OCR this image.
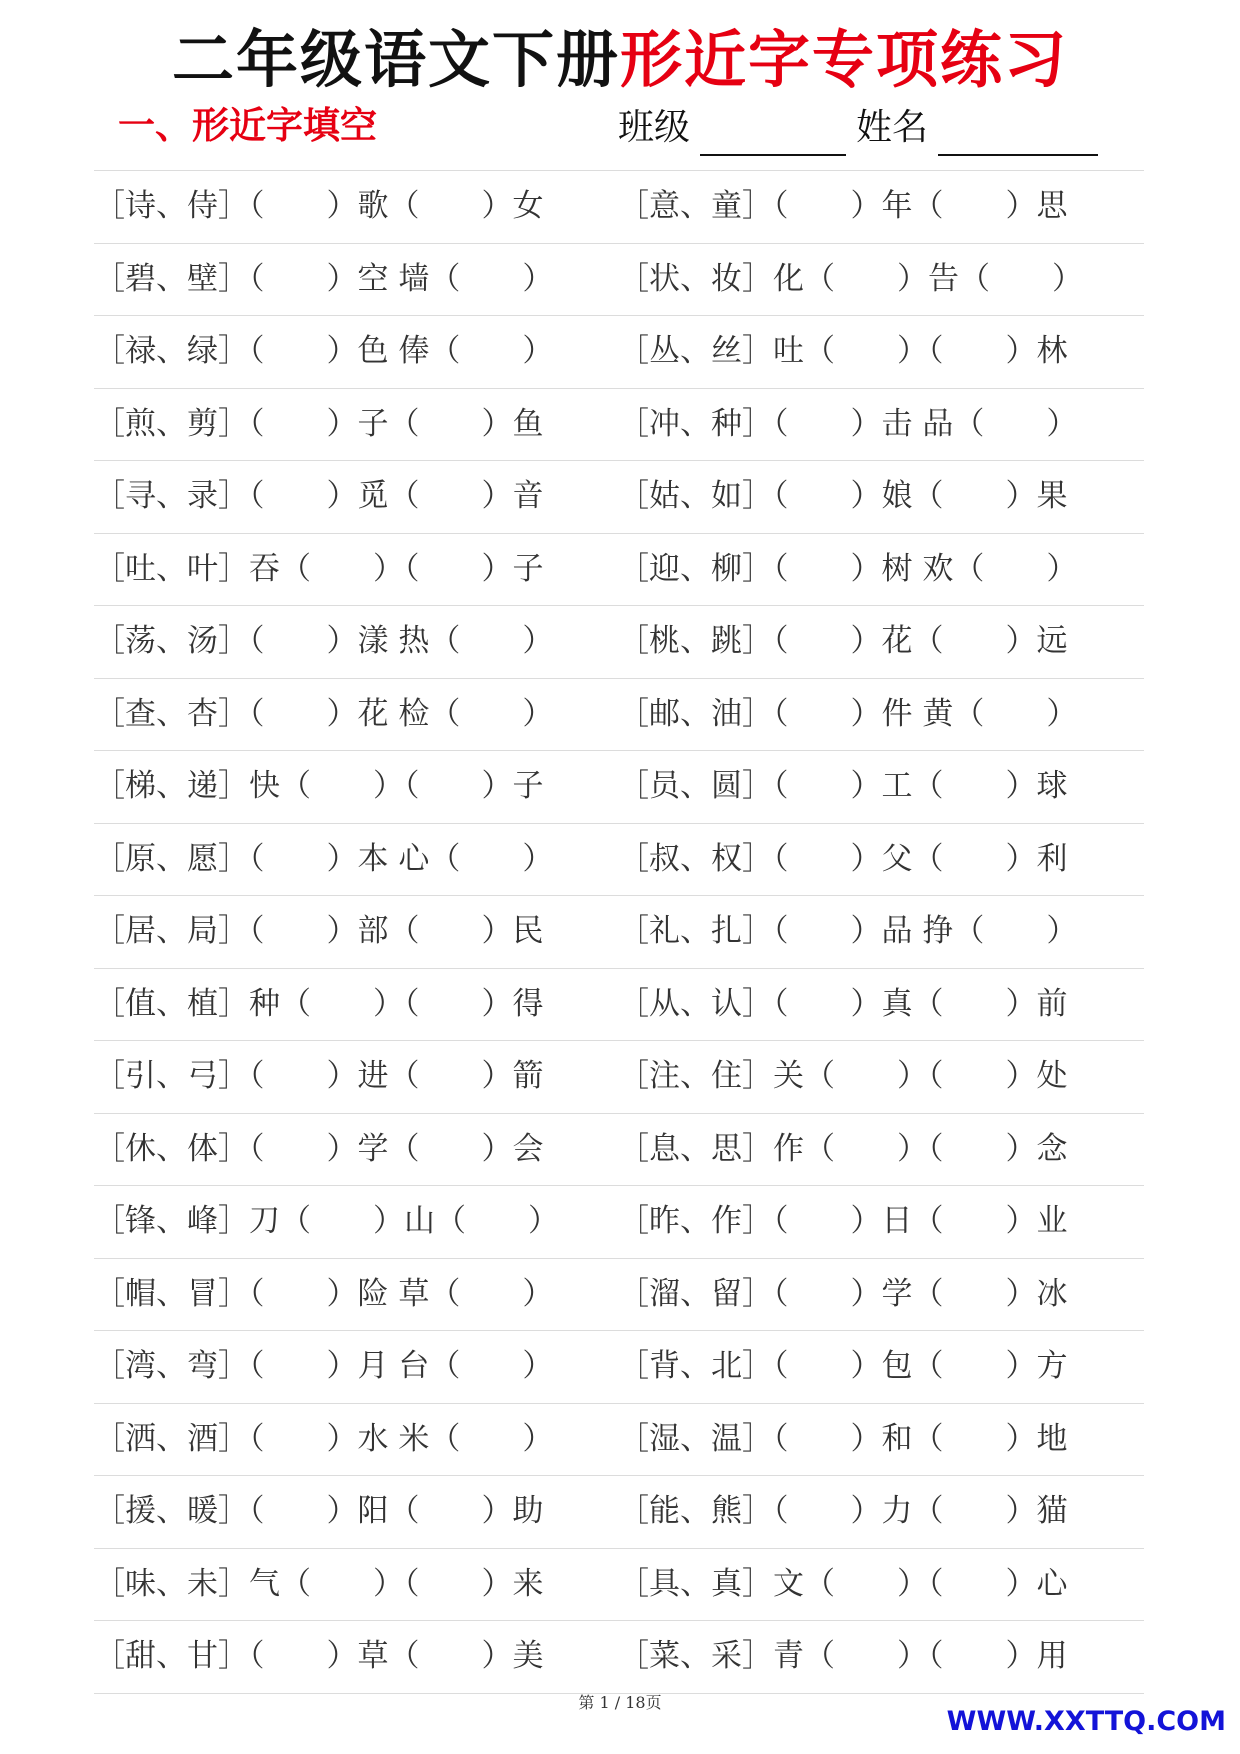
二年级语文下册形近字专项练习
一、形近字填空	班级	姓名
［诗、侍］（　　）歌（　　）女 ［意、童］（　　）年（　　）思
［碧、壁］（　　）空 墙（　　） ［状、妆］化（　　）告（　　）
［禄、绿］（　　）色 俸（　　） ［丛、丝］吐（　　）（　　）林
［煎、剪］（　　）子（　　）鱼 ［冲、种］（　　）击 品（　　）
［寻、录］（　　）觅（　　）音 ［姑、如］（　　）娘（　　）果
［吐、叶］吞（　　）（　　）子 ［迎、柳］（　　）树 欢（　　）
［荡、汤］（　　）漾 热（　　） ［桃、跳］（　　）花（　　）远
［查、杏］（　　）花 检（　　） ［邮、油］（　　）件 黄（　　）
［梯、递］快（　　）（　　）子 ［员、圆］（　　）工（　　）球
［原、愿］（　　）本 心（　　） ［叔、权］（　　）父（　　）利
［居、局］（　　）部（　　）民 ［礼、扎］（　　）品 挣（　　）
［值、植］种（　　）（　　）得 ［从、认］（　　）真（　　）前
［引、弓］（　　）进（　　）箭 ［注、住］关（　　）（　　）处
［休、体］（　　）学（　　）会 ［息、思］作（　　）（　　）念
［锋、峰］刀（　　）山（　　） ［昨、作］（　　）日（　　）业
［帽、冒］（　　）险 草（　　） ［溜、留］（　　）学（　　）冰
［湾、弯］（　　）月 台（　　） ［背、北］（　　）包（　　）方
［洒、酒］（　　）水 米（　　） ［湿、温］（　　）和（　　）地
［援、暖］（　　）阳（　　）助 ［能、熊］（　　）力（　　）猫
［味、未］气（　　）（　　）来 ［具、真］文（　　）（　　）心
［甜、甘］（　　）草（　　）美 ［菜、采］青（　　）（　　）用
第 1 / 18页
WWW.XXTTQ.COM
